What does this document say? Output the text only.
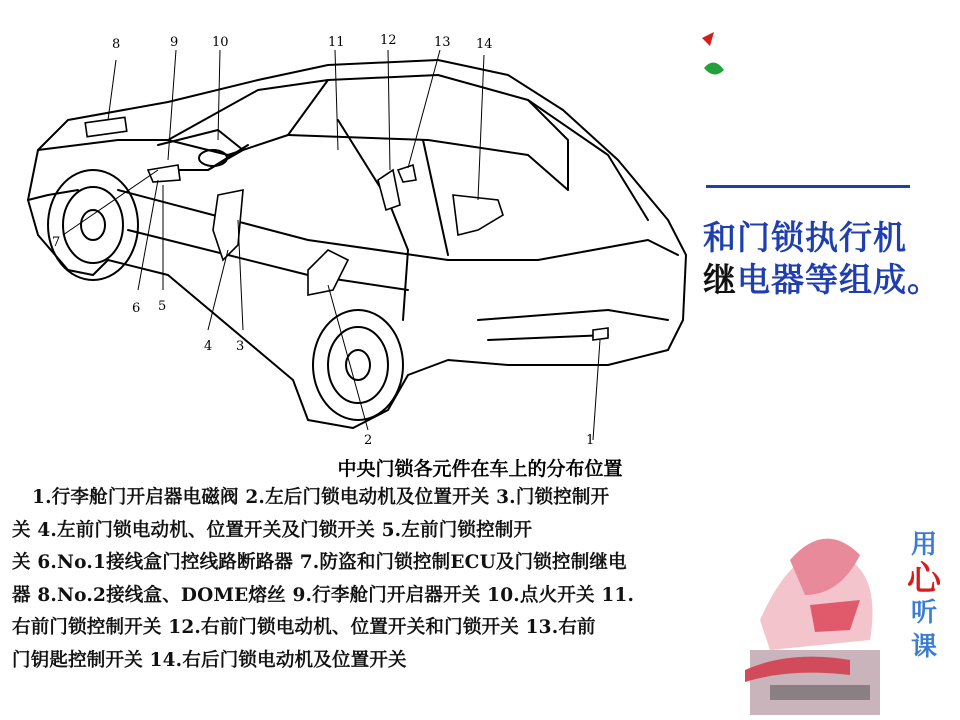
8	9	10	11	12	13 14
7
6 5
4 3
2	1
和门锁执行机
继电器等组成。
中央门锁各元件在车上的分布位置
1.行李舱门开启器电磁阀 2.左后门锁电动机及位置开关 3.门锁控制开
关 4.左前门锁电动机、位置开关及门锁开关 5.左前门锁控制开
关 6.No.1接线盒门控线路断路器 7.防盗和门锁控制ECU及门锁控制继电
器 8.No.2接线盒、DOME熔丝 9.行李舱门开启器开关 10.点火开关 11.
右前门锁控制开关 12.右前门锁电动机、位置开关和门锁开关 13.右前
门钥匙控制开关 14.右后门锁电动机及位置开关
用
心
听
课
